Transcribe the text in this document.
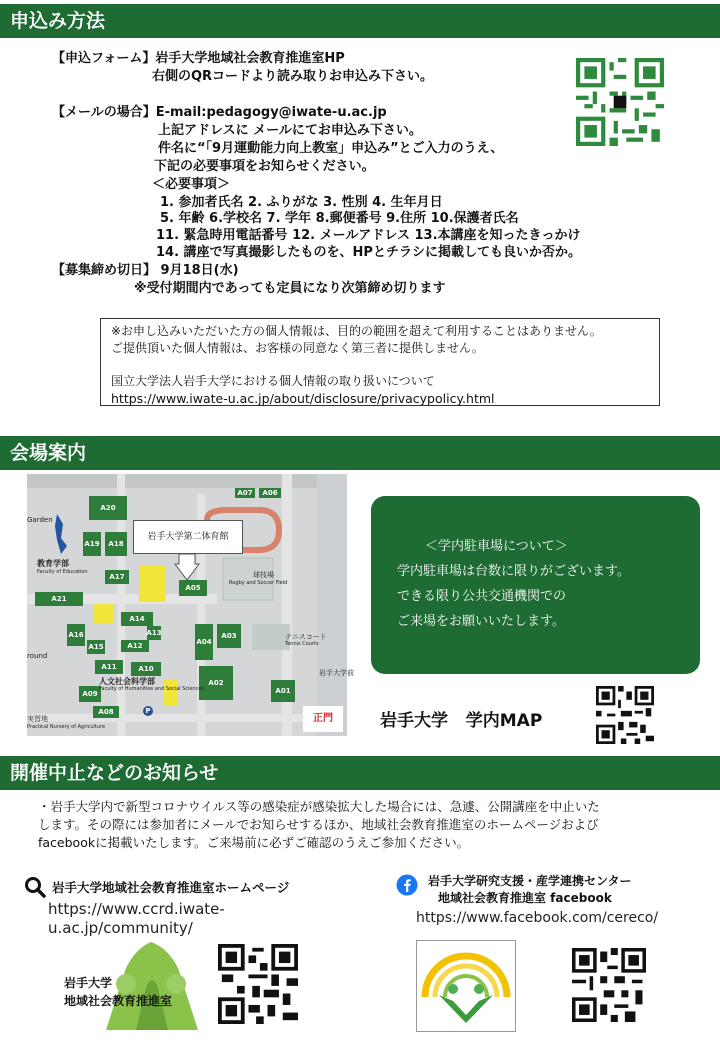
申込み方法
【申込フォーム】岩手大学地域社会教育推進室HP
右側のQRコードより読み取りお申込み下さい。
【メールの場合】E-mail:pedagogy@iwate-u.ac.jp
上記アドレスに メールにてお申込み下さい。
件名に“「9月運動能力向上教室」申込み”とご入力のうえ、
下記の必要事項をお知らせください。
＜必要事項＞
1. 参加者氏名 2. ふりがな 3. 性別 4. 生年月日
5. 年齢 6.学校名 7. 学年 8.郵便番号 9.住所 10.保護者氏名
11. 緊急時用電話番号 12. メールアドレス 13.本講座を知ったきっかけ
14. 講座で写真撮影したものを、HPとチラシに掲載しても良いか否か。
【募集締め切日】 9月18日(水)
※受付期間内であっても定員になり次第締め切ります
※お申し込みいただいた方の個人情報は、目的の範囲を超えて利用することはありません。
ご提供頂いた個人情報は、お客様の同意なく第三者に提供しません。
国立大学法人岩手大学における個人情報の取り扱いについて
https://www.iwate-u.ac.jp/about/disclosure/privacypolicy.html
会場案内
A07	A06
A20
A19	A18
A17
A05
A21
A14
A13
A16
A12	A04
A03
A15
A11	A10
A09
A02
A01
A08
岩手大学第二体育館
教育学部
Faculty of Education	球技場
Rugby and Soccer Field
テニスコート
Tennis Courts
人文社会科学部
Faculty of Humanities and Social Sciences
岩手大学前
Garden
round
実習地
Practical Nursery of Agriculture
P
正門
＜学内駐車場について＞
学内駐車場は台数に限りがございます。
できる限り公共交通機関での
ご来場をお願いいたします。
岩手大学   学内MAP
開催中止などのお知らせ
・岩手大学内で新型コロナウイルス等の感染症が感染拡大した場合には、急遽、公開講座を中止いた
します。その際には参加者にメールでお知らせするほか、地域社会教育推進室のホームページおよび
facebookに掲載いたします。ご来場前に必ずご確認のうえご参加ください。
岩手大学地域社会教育推進室ホームページ
https://www.ccrd.iwate-
u.ac.jp/community/
岩手大学
地域社会教育推進室
岩手大学研究支援・産学連携センター
地域社会教育推進室 facebook
https://www.facebook.com/cereco/
